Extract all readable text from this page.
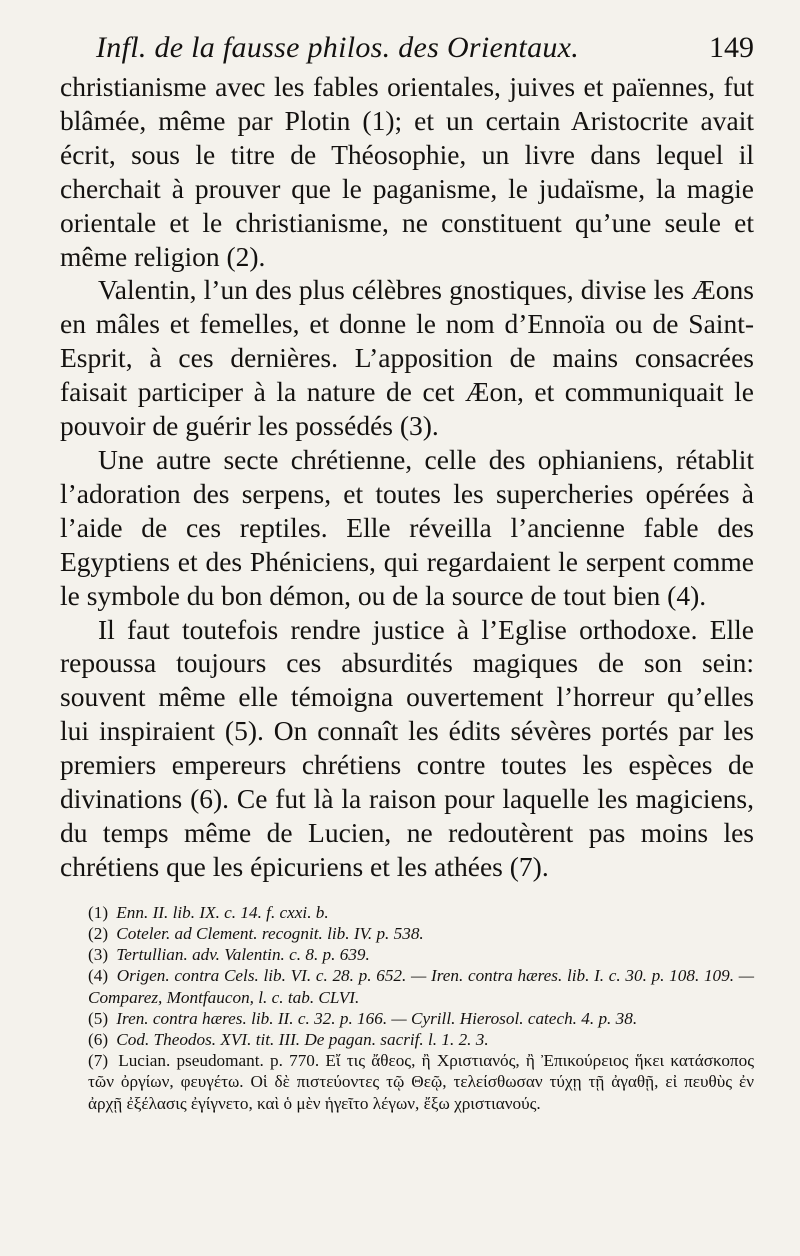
Infl. de la fausse philos. des Orientaux.	149

christianisme avec les fables orientales, juives et païennes, fut blâmée, même par Plotin (1); et un certain Aristocrite avait écrit, sous le titre de Théosophie, un livre dans lequel il cherchait à prouver que le paganisme, le judaïsme, la magie orientale et le christianisme, ne constituent qu’une seule et même religion (2).

Valentin, l’un des plus célèbres gnostiques, divise les Æons en mâles et femelles, et donne le nom d’Ennoïa ou de Saint-Esprit, à ces dernières. L’apposition de mains consacrées faisait participer à la nature de cet Æon, et communiquait le pouvoir de guérir les possédés (3).

Une autre secte chrétienne, celle des ophianiens, rétablit l’adoration des serpens, et toutes les supercheries opérées à l’aide de ces reptiles. Elle réveilla l’ancienne fable des Egyptiens et des Phéniciens, qui regardaient le serpent comme le symbole du bon démon, ou de la source de tout bien (4).

Il faut toutefois rendre justice à l’Eglise orthodoxe. Elle repoussa toujours ces absurdités magiques de son sein: souvent même elle témoigna ouvertement l’horreur qu’elles lui inspiraient (5). On connaît les édits sévères portés par les premiers empereurs chrétiens contre toutes les espèces de divinations (6). Ce fut là la raison pour laquelle les magiciens, du temps même de Lucien, ne redoutèrent pas moins les chrétiens que les épicuriens et les athées (7).

(1) Enn. II. lib. IX. c. 14. f. cxxi. b.

(2) Coteler. ad Clement. recognit. lib. IV. p. 538.

(3) Tertullian. adv. Valentin. c. 8. p. 639.

(4) Origen. contra Cels. lib. VI. c. 28. p. 652. — Iren. contra hæres. lib. I. c. 30. p. 108. 109. — Comparez, Montfaucon, l. c. tab. CLVI.

(5) Iren. contra hæres. lib. II. c. 32. p. 166. — Cyrill. Hierosol. catech. 4. p. 38.

(6) Cod. Theodos. XVI. tit. III. De pagan. sacrif. l. 1. 2. 3.

(7) Lucian. pseudomant. p. 770. Εἴ τις ἄθεος, ἢ Χριστιανός, ἢ Ἐπικούρειος ἥκει κατάσκοπος τῶν ὀργίων, φευγέτω. Οἱ δὲ πιστεύοντες τῷ Θεῷ, τελείσθωσαν τύχῃ τῇ ἀγαθῇ, εἰ πευθὺς ἐν ἀρχῇ ἐξέλασις ἐγίγνετο, καὶ ὁ μὲν ἡγεῖτο λέγων, ἔξω χριστιανούς.
